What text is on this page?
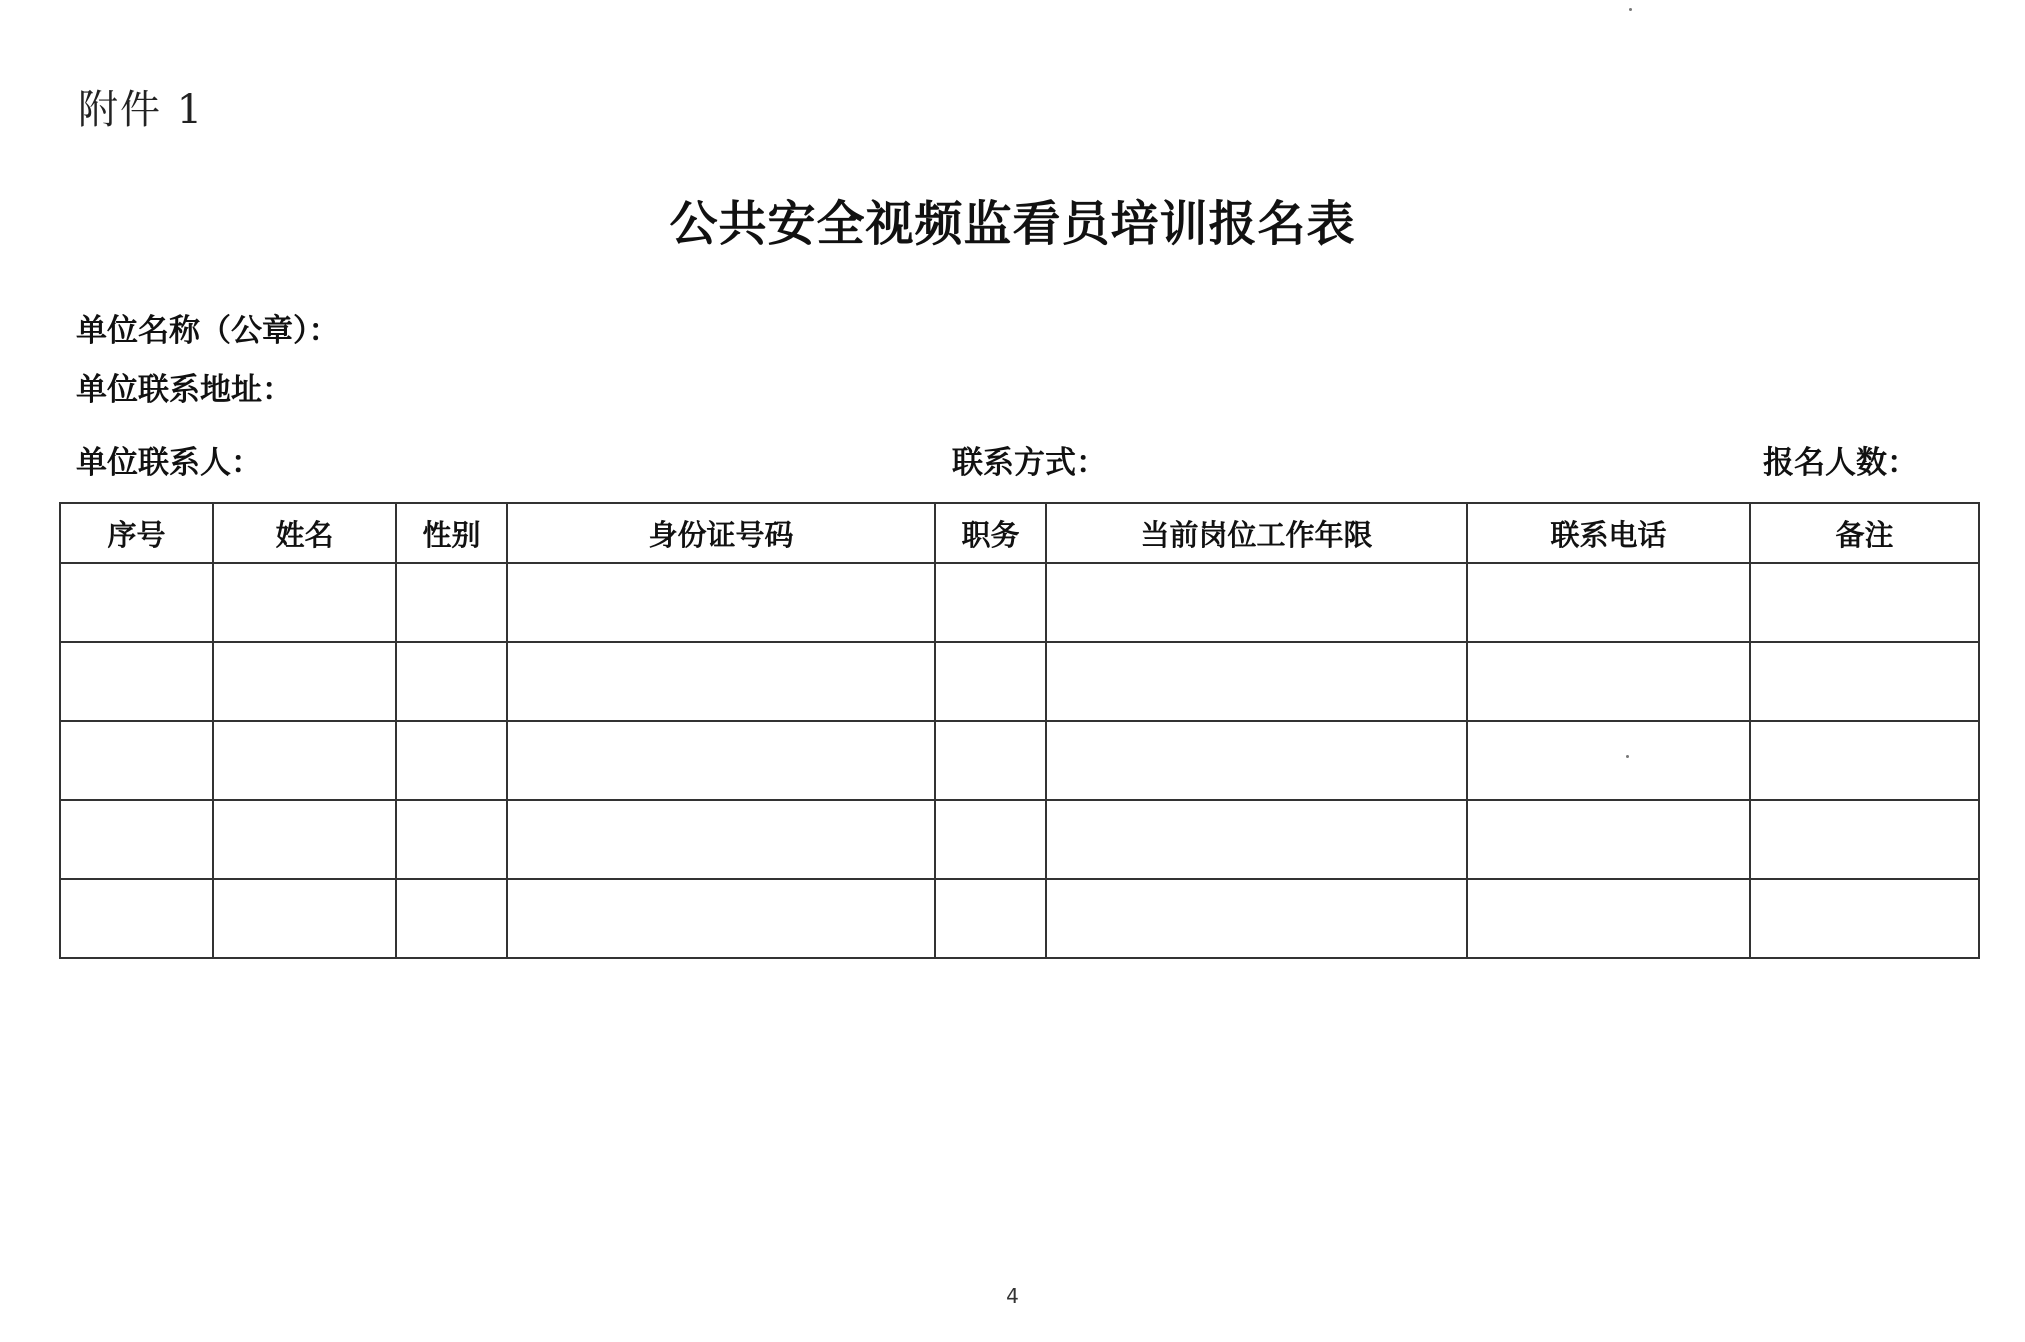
附件 1
公共安全视频监看员培训报名表
单位名称（公章）：
单位联系地址：
单位联系人：	联系方式：	报名人数：
序号	姓名	性别	身份证号码	职务	当前岗位工作年限	联系电话	备注

4
